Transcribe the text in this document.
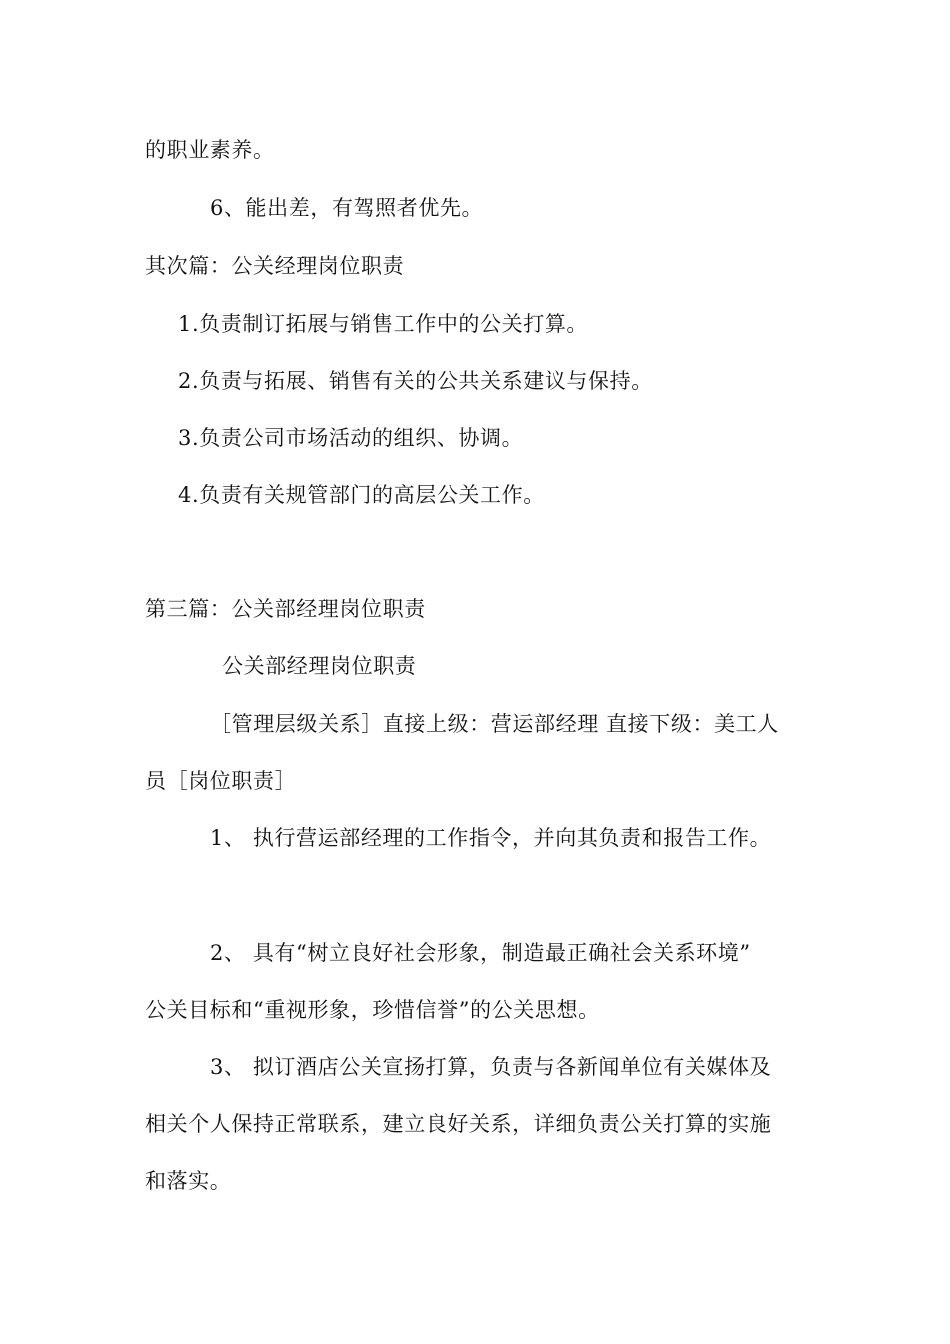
的职业素养。
6、能出差，有驾照者优先。
其次篇：公关经理岗位职责
1.负责制订拓展与销售工作中的公关打算。
2.负责与拓展、销售有关的公共关系建议与保持。
3.负责公司市场活动的组织、协调。
4.负责有关规管部门的高层公关工作。
第三篇：公关部经理岗位职责
公关部经理岗位职责
［管理层级关系］直接上级：营运部经理 直接下级：美工人
员［岗位职责］
1、 执行营运部经理的工作指令，并向其负责和报告工作。
2、 具有“树立良好社会形象，制造最正确社会关系环境”
公关目标和“重视形象，珍惜信誉”的公关思想。
3、 拟订酒店公关宣扬打算，负责与各新闻单位有关媒体及
相关个人保持正常联系，建立良好关系，详细负责公关打算的实施
和落实。
